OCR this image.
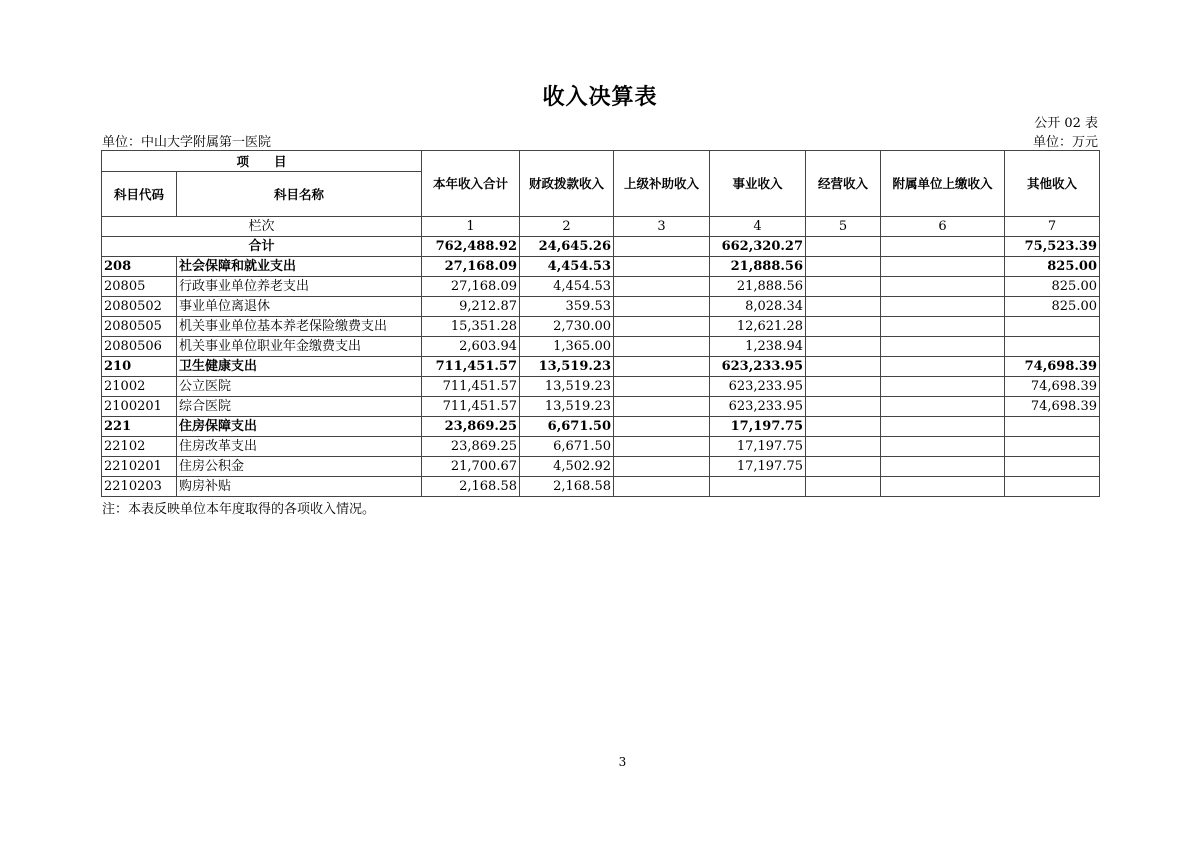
收入决算表
公开 02 表
单位：中山大学附属第一医院	单位：万元
项　　目		本年收入合计	财政拨款收入	上级补助收入	事业收入	经营收入	附属单位上缴收入	其他收入
科目代码	科目名称							
栏次		1	2	3	4	5	6	7
合计		762,488.92	24,645.26		662,320.27			75,523.39
208	社会保障和就业支出	27,168.09	4,454.53		21,888.56			825.00
20805	行政事业单位养老支出	27,168.09	4,454.53		21,888.56			825.00
2080502	事业单位离退休	9,212.87	359.53		8,028.34			825.00
2080505	机关事业单位基本养老保险缴费支出	15,351.28	2,730.00		12,621.28			
2080506	机关事业单位职业年金缴费支出	2,603.94	1,365.00		1,238.94			
210	卫生健康支出	711,451.57	13,519.23		623,233.95			74,698.39
21002	公立医院	711,451.57	13,519.23		623,233.95			74,698.39
2100201	综合医院	711,451.57	13,519.23		623,233.95			74,698.39
221	住房保障支出	23,869.25	6,671.50		17,197.75			
22102	住房改革支出	23,869.25	6,671.50		17,197.75			
2210201	住房公积金	21,700.67	4,502.92		17,197.75			
2210203	购房补贴	2,168.58	2,168.58					
注：本表反映单位本年度取得的各项收入情况。
3
